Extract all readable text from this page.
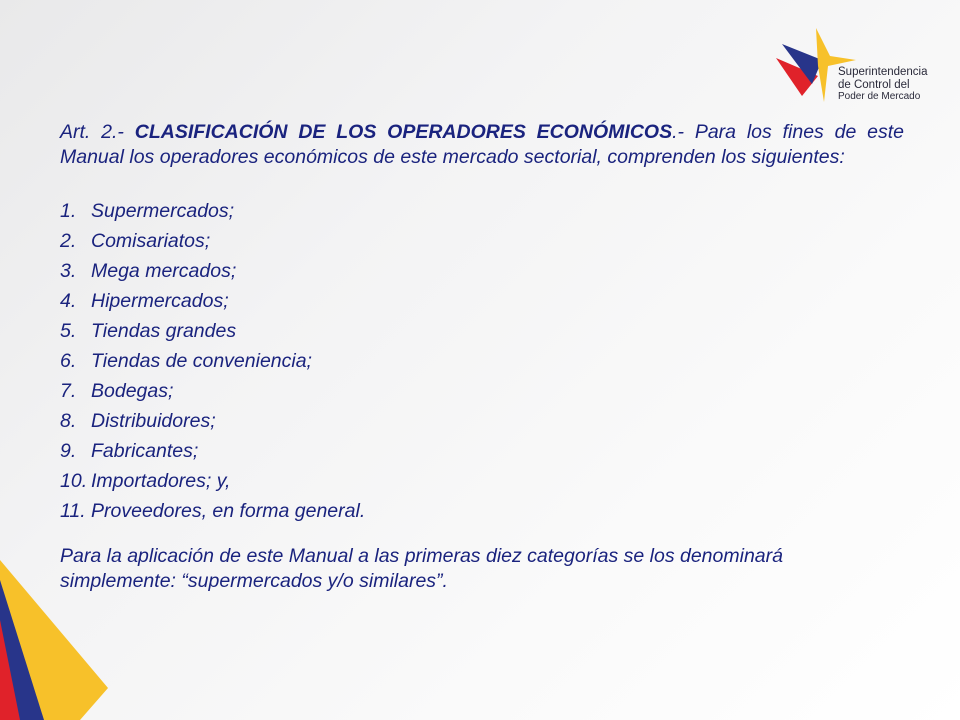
Superintendencia
de Control del
Poder de Mercado

Art. 2.- CLASIFICACIÓN DE LOS OPERADORES ECONÓMICOS.- Para los fines de este Manual los operadores económicos de este mercado sectorial, comprenden los siguientes:

1. Supermercados;
2. Comisariatos;
3. Mega mercados;
4. Hipermercados;
5. Tiendas grandes
6. Tiendas de conveniencia;
7. Bodegas;
8. Distribuidores;
9. Fabricantes;
10. Importadores; y,
11. Proveedores, en forma general.

Para la aplicación de este Manual a las primeras diez categorías se los denominará simplemente: “supermercados y/o similares”.
